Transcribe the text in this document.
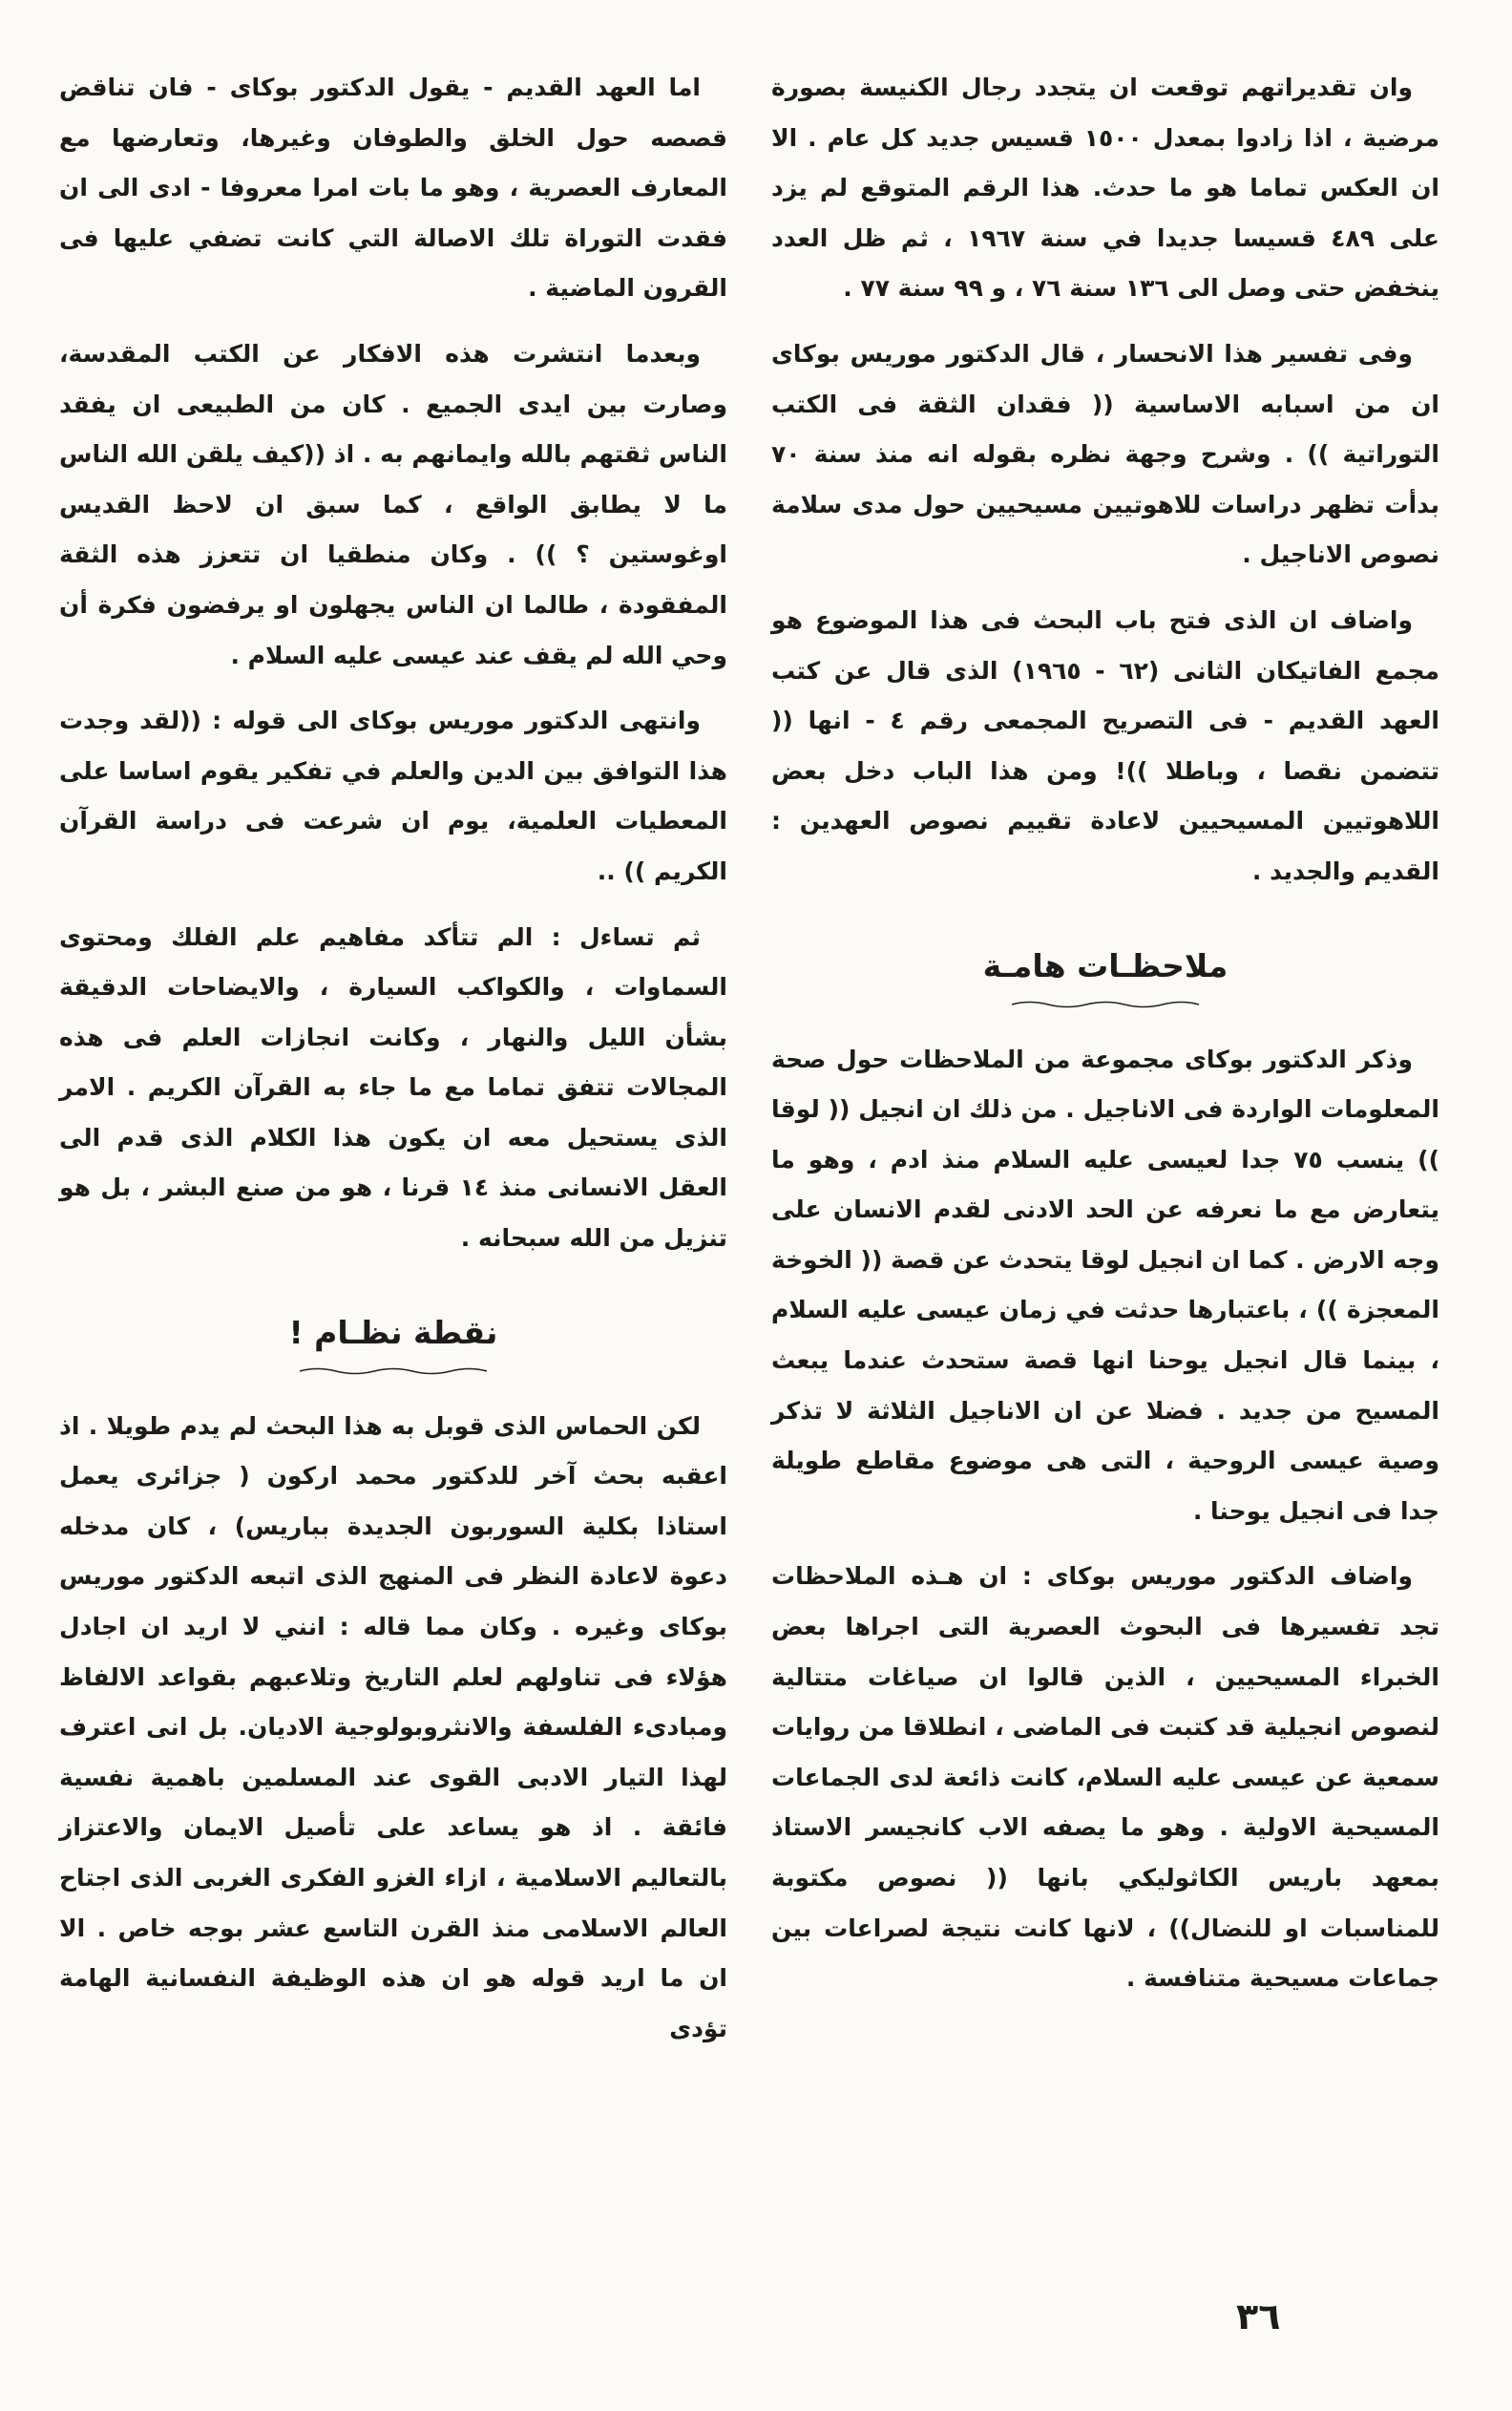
وان تقديراتهم توقعت ان يتجدد رجال الكنيسة بصورة مرضية ، اذا زادوا بمعدل ١٥٠٠ قسيس جديد كل عام . الا ان العكس تماما هو ما حدث. هذا الرقم المتوقع لم يزد على ٤٨٩ قسيسا جديدا في سنة ١٩٦٧ ، ثم ظل العدد ينخفض حتى وصل الى ١٣٦ سنة ٧٦ ، و ٩٩ سنة ٧٧ .

وفى تفسير هذا الانحسار ، قال الدكتور موريس بوكاى ان من اسبابه الاساسية (( فقدان الثقة فى الكتب التوراتية )) . وشرح وجهة نظره بقوله انه منذ سنة ٧٠ بدأت تظهر دراسات للاهوتيين مسيحيين حول مدى سلامة نصوص الاناجيل .

واضاف ان الذى فتح باب البحث فى هذا الموضوع هو مجمع الفاتيكان الثانى (٦٢ - ١٩٦٥) الذى قال عن كتب العهد القديم - فى التصريح المجمعى رقم ٤ - انها (( تتضمن نقصا ، وباطلا ))! ومن هذا الباب دخل بعض اللاهوتيين المسيحيين لاعادة تقييم نصوص العهدين : القديم والجديد .

ملاحظـات هامـة

وذكر الدكتور بوكاى مجموعة من الملاحظات حول صحة المعلومات الواردة فى الاناجيل . من ذلك ان انجيل (( لوقا )) ينسب ٧٥ جدا لعيسى عليه السلام منذ ادم ، وهو ما يتعارض مع ما نعرفه عن الحد الادنى لقدم الانسان على وجه الارض . كما ان انجيل لوقا يتحدث عن قصة (( الخوخة المعجزة )) ، باعتبارها حدثت في زمان عيسى عليه السلام ، بينما قال انجيل يوحنا انها قصة ستحدث عندما يبعث المسيح من جديد . فضلا عن ان الاناجيل الثلاثة لا تذكر وصية عيسى الروحية ، التى هى موضوع مقاطع طويلة جدا فى انجيل يوحنا .

واضاف الدكتور موريس بوكاى : ان هـذه الملاحظات تجد تفسيرها فى البحوث العصرية التى اجراها بعض الخبراء المسيحيين ، الذين قالوا ان صياغات متتالية لنصوص انجيلية قد كتبت فى الماضى ، انطلاقا من روايات سمعية عن عيسى عليه السلام، كانت ذائعة لدى الجماعات المسيحية الاولية . وهو ما يصفه الاب كانجيسر الاستاذ بمعهد باريس الكاثوليكي بانها (( نصوص مكتوبة للمناسبات او للنضال)) ، لانها كانت نتيجة لصراعات بين جماعات مسيحية متنافسة .

اما العهد القديم - يقول الدكتور بوكاى - فان تناقض قصصه حول الخلق والطوفان وغيرها، وتعارضها مع المعارف العصرية ، وهو ما بات امرا معروفا - ادى الى ان فقدت التوراة تلك الاصالة التي كانت تضفي عليها فى القرون الماضية .

وبعدما انتشرت هذه الافكار عن الكتب المقدسة، وصارت بين ايدى الجميع . كان من الطبيعى ان يفقد الناس ثقتهم بالله وايمانهم به . اذ ((كيف يلقن الله الناس ما لا يطابق الواقع ، كما سبق ان لاحظ القديس اوغوستين ؟ )) . وكان منطقيا ان تتعزز هذه الثقة المفقودة ، طالما ان الناس يجهلون او يرفضون فكرة أن وحي الله لم يقف عند عيسى عليه السلام .

وانتهى الدكتور موريس بوكاى الى قوله : ((لقد وجدت هذا التوافق بين الدين والعلم في تفكير يقوم اساسا على المعطيات العلمية، يوم ان شرعت فى دراسة القرآن الكريم )) ..

ثم تساءل : الم تتأكد مفاهيم علم الفلك ومحتوى السماوات ، والكواكب السيارة ، والايضاحات الدقيقة بشأن الليل والنهار ، وكانت انجازات العلم فى هذه المجالات تتفق تماما مع ما جاء به القرآن الكريم . الامر الذى يستحيل معه ان يكون هذا الكلام الذى قدم الى العقل الانسانى منذ ١٤ قرنا ، هو من صنع البشر ، بل هو تنزيل من الله سبحانه .

نقطة نظـام !

لكن الحماس الذى قوبل به هذا البحث لم يدم طويلا . اذ اعقبه بحث آخر للدكتور محمد اركون ( جزائرى يعمل استاذا بكلية السوربون الجديدة بباريس) ، كان مدخله دعوة لاعادة النظر فى المنهج الذى اتبعه الدكتور موريس بوكاى وغيره . وكان مما قاله : انني لا اريد ان اجادل هؤلاء فى تناولهم لعلم التاريخ وتلاعبهم بقواعد الالفاظ ومبادىء الفلسفة والانثروبولوجية الاديان. بل انى اعترف لهذا التيار الادبى القوى عند المسلمين باهمية نفسية فائقة . اذ هو يساعد على تأصيل الايمان والاعتزاز بالتعاليم الاسلامية ، ازاء الغزو الفكرى الغربى الذى اجتاح العالم الاسلامى منذ القرن التاسع عشر بوجه خاص . الا ان ما اريد قوله هو ان هذه الوظيفة النفسانية الهامة تؤدى

٣٦
